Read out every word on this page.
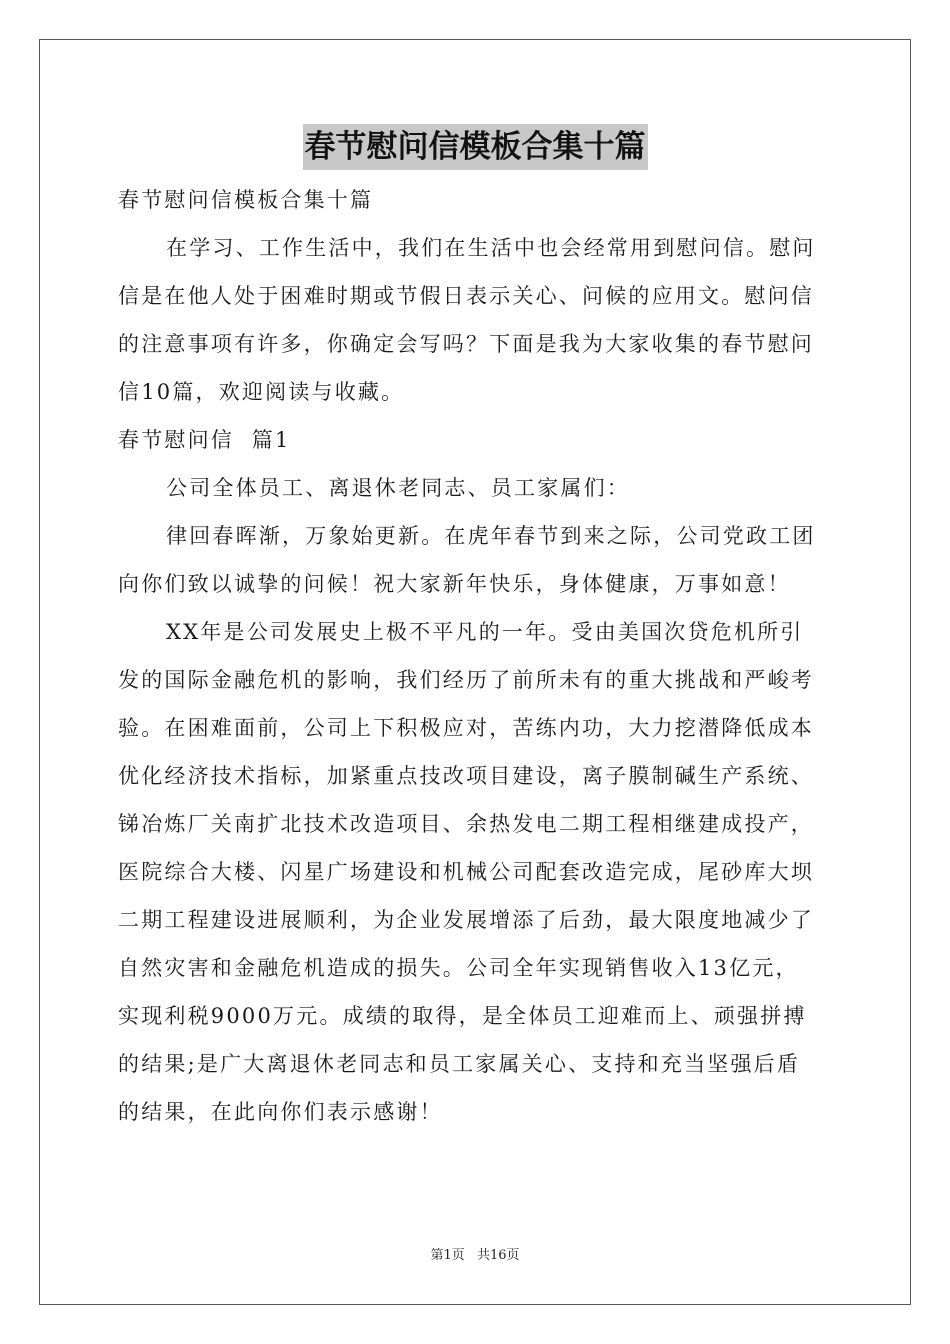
春节慰问信模板合集十篇
春节慰问信模板合集十篇
在学习、工作生活中，我们在生活中也会经常用到慰问信。慰问
信是在他人处于困难时期或节假日表示关心、问候的应用文。慰问信
的注意事项有许多，你确定会写吗？下面是我为大家收集的春节慰问
信10篇，欢迎阅读与收藏。
春节慰问信  篇1
公司全体员工、离退休老同志、员工家属们：
律回春晖渐，万象始更新。在虎年春节到来之际，公司党政工团
向你们致以诚挚的问候！祝大家新年快乐，身体健康，万事如意！
XX年是公司发展史上极不平凡的一年。受由美国次贷危机所引
发的国际金融危机的影响，我们经历了前所未有的重大挑战和严峻考
验。在困难面前，公司上下积极应对，苦练内功，大力挖潜降低成本
优化经济技术指标，加紧重点技改项目建设，离子膜制碱生产系统、
锑冶炼厂关南扩北技术改造项目、余热发电二期工程相继建成投产，
医院综合大楼、闪星广场建设和机械公司配套改造完成，尾砂库大坝
二期工程建设进展顺利，为企业发展增添了后劲，最大限度地减少了
自然灾害和金融危机造成的损失。公司全年实现销售收入13亿元，
实现利税9000万元。成绩的取得，是全体员工迎难而上、顽强拼搏
的结果;是广大离退休老同志和员工家属关心、支持和充当坚强后盾
的结果，在此向你们表示感谢！
第1页 共16页
